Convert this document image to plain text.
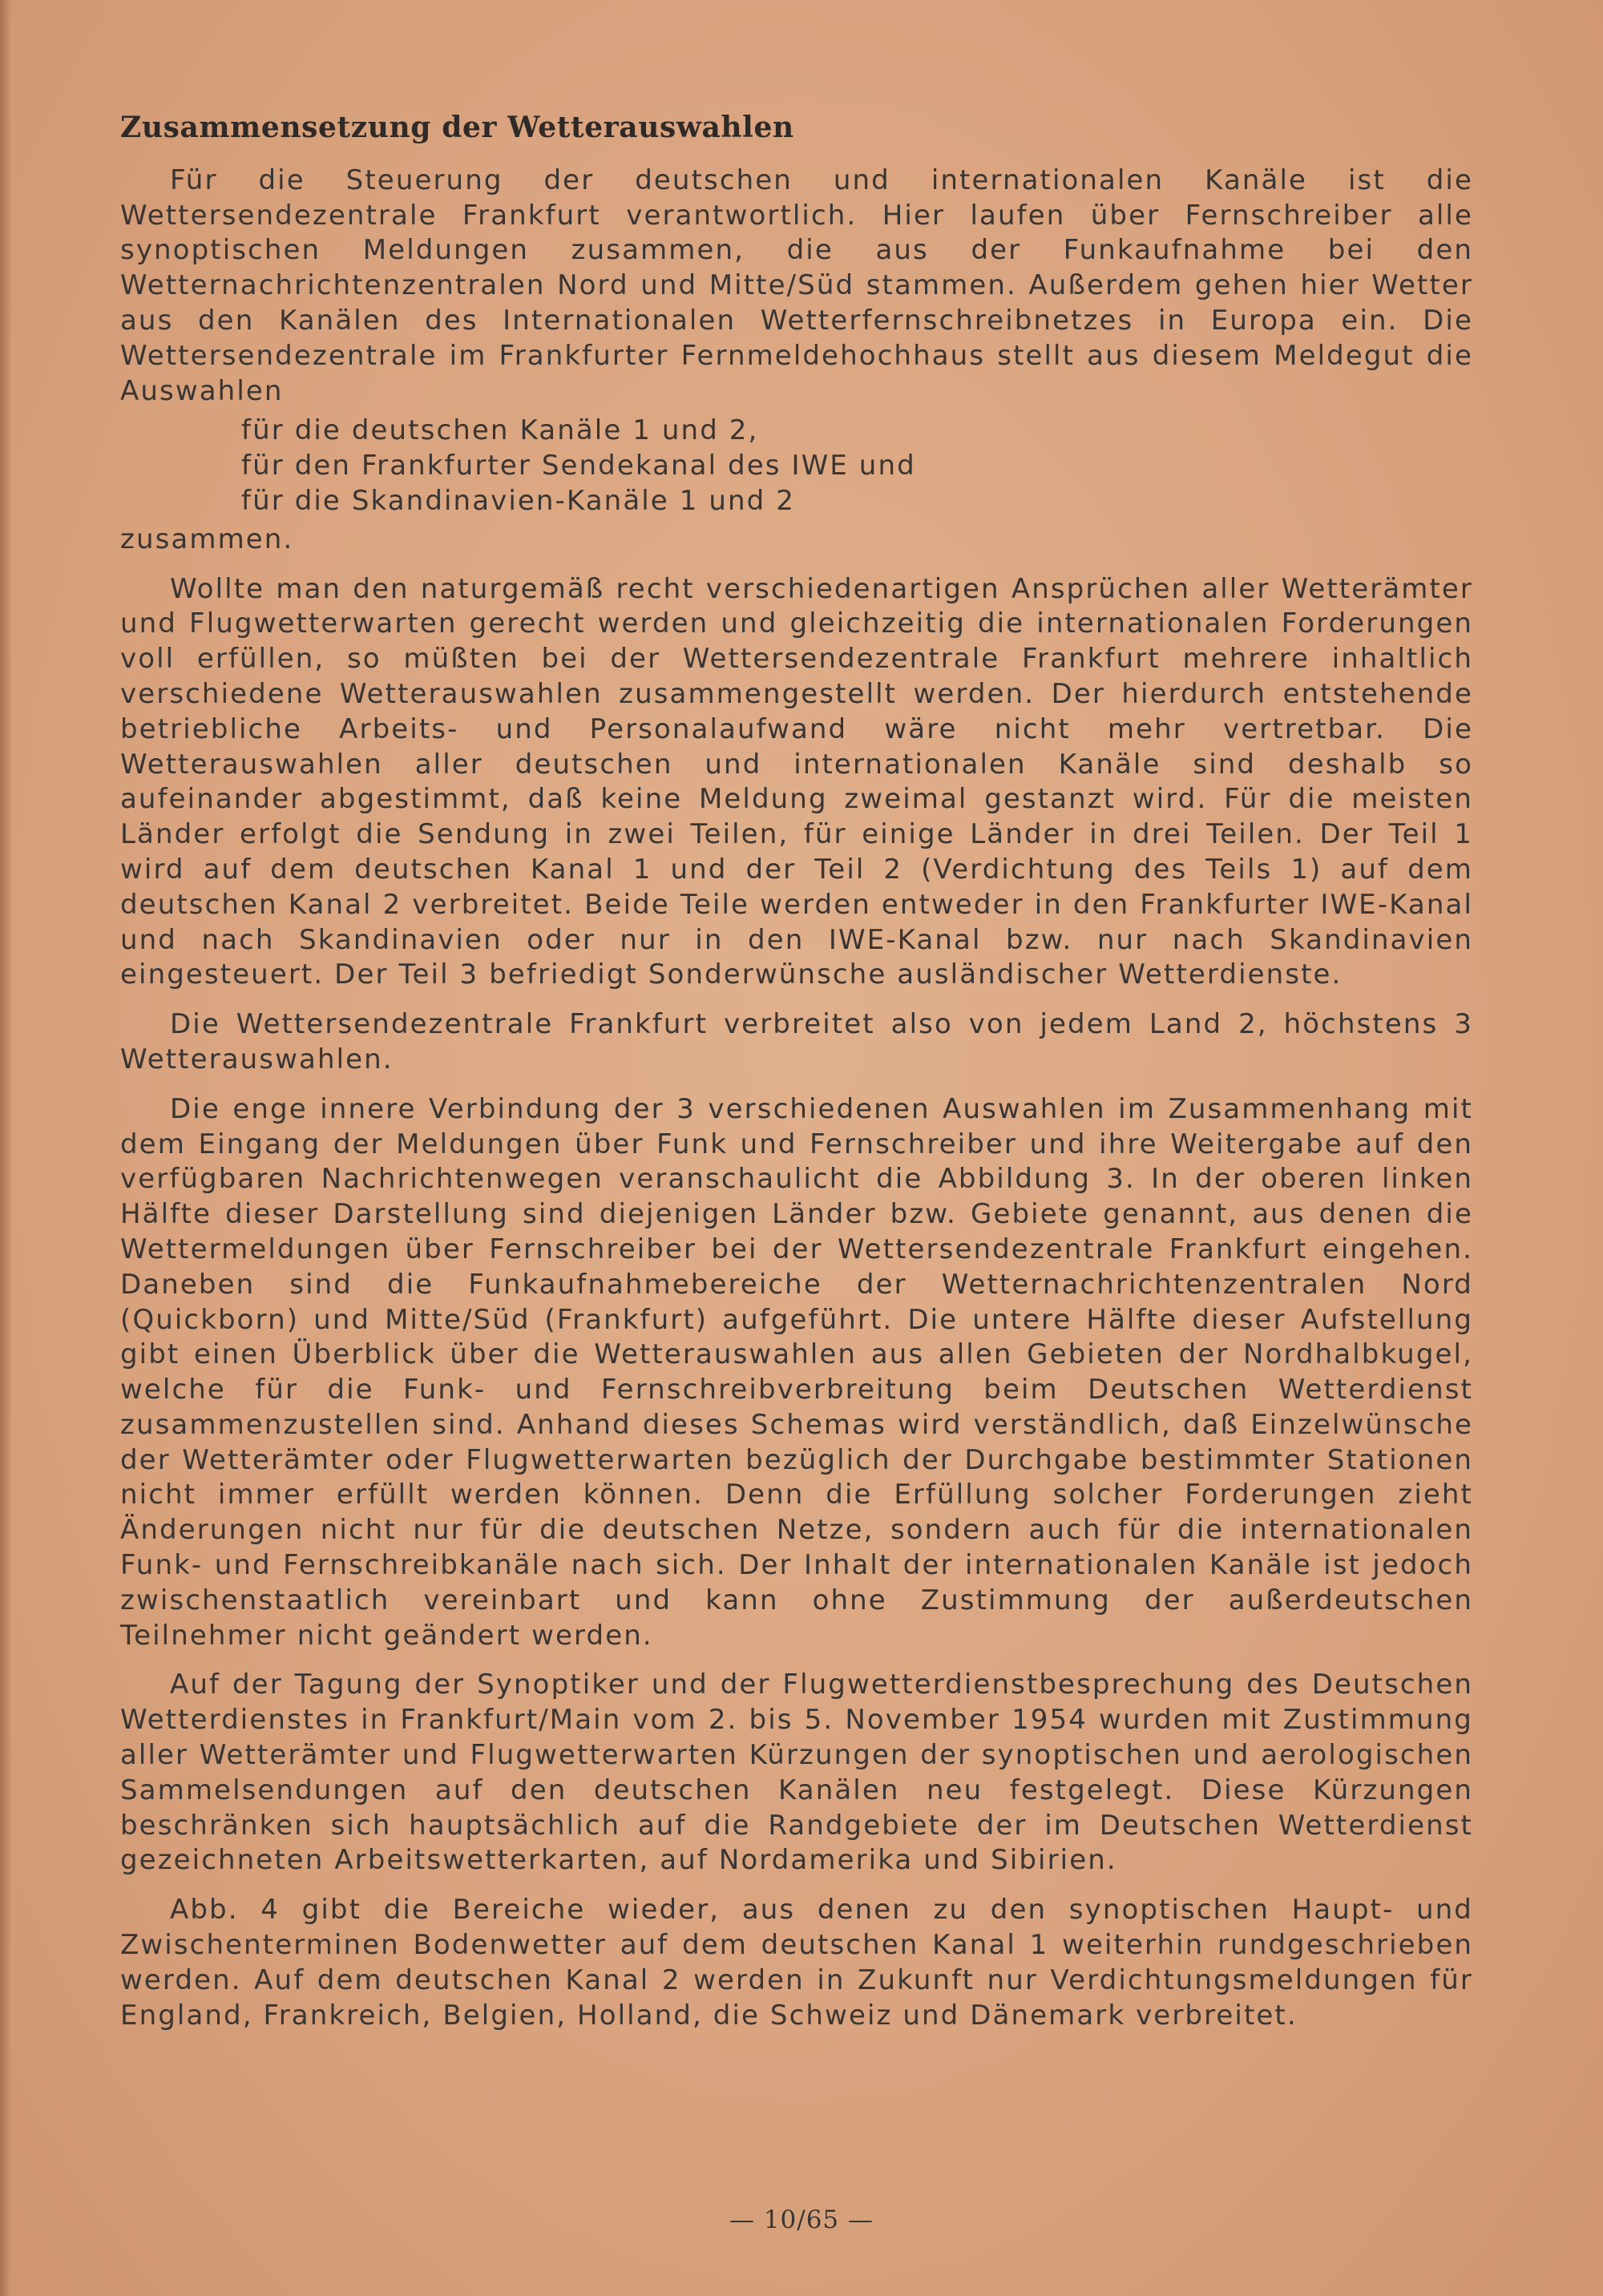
Zusammensetzung der Wetterauswahlen

Für die Steuerung der deutschen und internationalen Kanäle ist die Wettersendezentrale Frankfurt verantwortlich. Hier laufen über Fernschreiber alle synoptischen Meldungen zusammen, die aus der Funkaufnahme bei den Wetternachrichtenzentralen Nord und Mitte/Süd stammen. Außerdem gehen hier Wetter aus den Kanälen des Internationalen Wetterfernschreibnetzes in Europa ein. Die Wettersendezentrale im Frankfurter Fernmeldehochhaus stellt aus diesem Meldegut die Auswahlen

für die deutschen Kanäle 1 und 2,
für den Frankfurter Sendekanal des IWE und
für die Skandinavien-Kanäle 1 und 2

zusammen.

Wollte man den naturgemäß recht verschiedenartigen Ansprüchen aller Wetterämter und Flugwetterwarten gerecht werden und gleichzeitig die internationalen Forderungen voll erfüllen, so müßten bei der Wettersendezentrale Frankfurt mehrere inhaltlich verschiedene Wetterauswahlen zusammengestellt werden. Der hierdurch entstehende betriebliche Arbeits- und Personalaufwand wäre nicht mehr vertretbar. Die Wetterauswahlen aller deutschen und internationalen Kanäle sind deshalb so aufeinander abgestimmt, daß keine Meldung zweimal gestanzt wird. Für die meisten Länder erfolgt die Sendung in zwei Teilen, für einige Länder in drei Teilen. Der Teil 1 wird auf dem deutschen Kanal 1 und der Teil 2 (Verdichtung des Teils 1) auf dem deutschen Kanal 2 verbreitet. Beide Teile werden entweder in den Frankfurter IWE-Kanal und nach Skandinavien oder nur in den IWE-Kanal bzw. nur nach Skandinavien eingesteuert. Der Teil 3 befriedigt Sonderwünsche ausländischer Wetterdienste.

Die Wettersendezentrale Frankfurt verbreitet also von jedem Land 2, höchstens 3 Wetterauswahlen.

Die enge innere Verbindung der 3 verschiedenen Auswahlen im Zusammenhang mit dem Eingang der Meldungen über Funk und Fernschreiber und ihre Weitergabe auf den verfügbaren Nachrichtenwegen veranschaulicht die Abbildung 3. In der oberen linken Hälfte dieser Darstellung sind diejenigen Länder bzw. Gebiete genannt, aus denen die Wettermeldungen über Fernschreiber bei der Wettersendezentrale Frankfurt eingehen. Daneben sind die Funkaufnahmebereiche der Wetternachrichtenzentralen Nord (Quickborn) und Mitte/Süd (Frankfurt) aufgeführt. Die untere Hälfte dieser Aufstellung gibt einen Überblick über die Wetterauswahlen aus allen Gebieten der Nordhalbkugel, welche für die Funk- und Fernschreibverbreitung beim Deutschen Wetterdienst zusammenzustellen sind. Anhand dieses Schemas wird verständlich, daß Einzelwünsche der Wetterämter oder Flugwetterwarten bezüglich der Durchgabe bestimmter Stationen nicht immer erfüllt werden können. Denn die Erfüllung solcher Forderungen zieht Änderungen nicht nur für die deutschen Netze, sondern auch für die internationalen Funk- und Fernschreibkanäle nach sich. Der Inhalt der internationalen Kanäle ist jedoch zwischenstaatlich vereinbart und kann ohne Zustimmung der außerdeutschen Teilnehmer nicht geändert werden.

Auf der Tagung der Synoptiker und der Flugwetterdienstbesprechung des Deutschen Wetterdienstes in Frankfurt/Main vom 2. bis 5. November 1954 wurden mit Zustimmung aller Wetterämter und Flugwetterwarten Kürzungen der synoptischen und aerologischen Sammelsendungen auf den deutschen Kanälen neu festgelegt. Diese Kürzungen beschränken sich hauptsächlich auf die Randgebiete der im Deutschen Wetterdienst gezeichneten Arbeitswetterkarten, auf Nordamerika und Sibirien.

Abb. 4 gibt die Bereiche wieder, aus denen zu den synoptischen Haupt- und Zwischenterminen Bodenwetter auf dem deutschen Kanal 1 weiterhin rundgeschrieben werden. Auf dem deutschen Kanal 2 werden in Zukunft nur Verdichtungsmeldungen für England, Frankreich, Belgien, Holland, die Schweiz und Dänemark verbreitet.

— 10/65 —
